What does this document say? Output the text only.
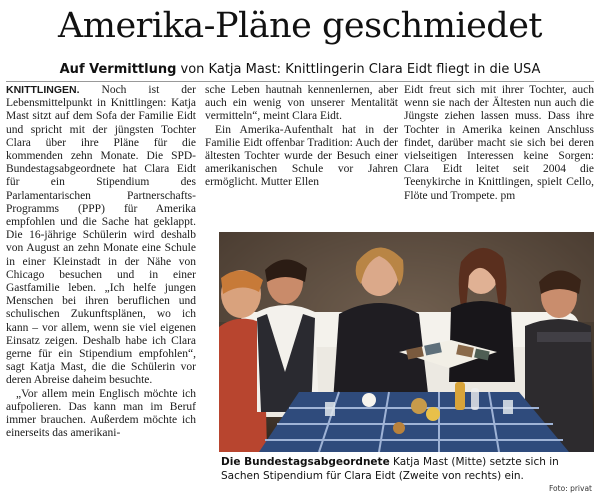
Amerika-Pläne geschmiedet
Auf Vermittlung von Katja Mast: Knittlingerin Clara Eidt fliegt in die USA

KNITTLINGEN. Noch ist der Lebensmittelpunkt in Knittlingen: Katja Mast sitzt auf dem Sofa der Familie Eidt und spricht mit der jüngsten Tochter Clara über ihre Pläne für die kommenden zehn Monate. Die SPD-Bundestagsabgeordnete hat Clara Eidt für ein Stipendium des Parlamentarischen Partnerschafts-Programms (PPP) für Amerika empfohlen und die Sache hat geklappt. Die 16-jährige Schülerin wird deshalb von August an zehn Monate eine Schule in einer Kleinstadt in der Nähe von Chicago besuchen und in einer Gastfamilie leben. „Ich helfe jungen Menschen bei ihren beruflichen und schulischen Zukunftsplänen, wo ich kann – vor allem, wenn sie viel eigenen Einsatz zeigen. Deshalb habe ich Clara gerne für ein Stipendium empfohlen“, sagt Katja Mast, die die Schülerin vor deren Abreise daheim besuchte.

„Vor allem mein Englisch möchte ich aufpolieren. Das kann man im Beruf immer brauchen. Außerdem möchte ich einerseits das amerikani-

sche Leben hautnah kennenlernen, aber auch ein wenig von unserer Mentalität vermitteln“, meint Clara Eidt.

Ein Amerika-Aufenthalt hat in der Familie Eidt offenbar Tradition: Auch der ältesten Tochter wurde der Besuch einer amerikanischen Schule vor Jahren ermöglicht. Mutter Ellen

Eidt freut sich mit ihrer Tochter, auch wenn sie nach der Ältesten nun auch die Jüngste ziehen lassen muss. Dass ihre Tochter in Amerika keinen Anschluss findet, darüber macht sie sich bei deren vielseitigen Interessen keine Sorgen: Clara Eidt leitet seit 2004 die Teenykirche in Knittlingen, spielt Cello, Flöte und Trompete. pm

Die Bundestagsabgeordnete Katja Mast (Mitte) setzte sich in Sachen Stipendium für Clara Eidt (Zweite von rechts) ein.
Foto: privat
